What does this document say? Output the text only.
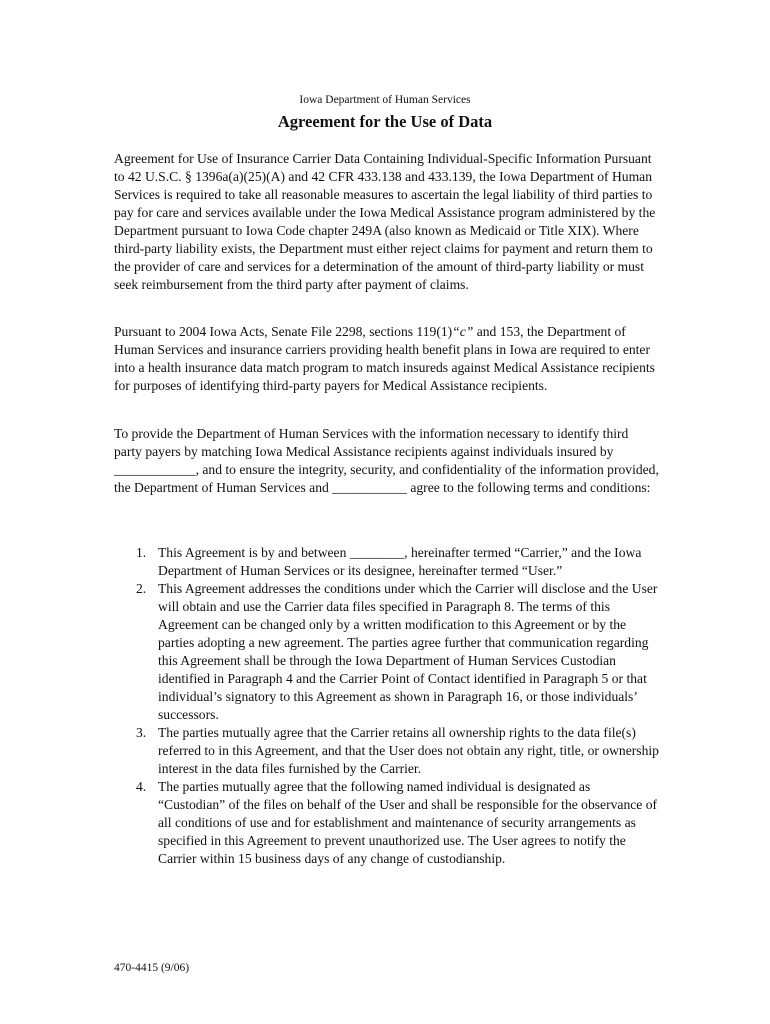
Iowa Department of Human Services
Agreement for the Use of Data

Agreement for Use of Insurance Carrier Data Containing Individual-Specific Information Pursuant to 42 U.S.C. § 1396a(a)(25)(A) and 42 CFR 433.138 and 433.139, the Iowa Department of Human Services is required to take all reasonable measures to ascertain the legal liability of third parties to pay for care and services available under the Iowa Medical Assistance program administered by the Department pursuant to Iowa Code chapter 249A (also known as Medicaid or Title XIX). Where third-party liability exists, the Department must either reject claims for payment and return them to the provider of care and services for a determination of the amount of third-party liability or must seek reimbursement from the third party after payment of claims.

Pursuant to 2004 Iowa Acts, Senate File 2298, sections 119(1)“c” and 153, the Department of Human Services and insurance carriers providing health benefit plans in Iowa are required to enter into a health insurance data match program to match insureds against Medical Assistance recipients for purposes of identifying third-party payers for Medical Assistance recipients.

To provide the Department of Human Services with the information necessary to identify third party payers by matching Iowa Medical Assistance recipients against individuals insured by ____________, and to ensure the integrity, security, and confidentiality of the information provided, the Department of Human Services and ___________ agree to the following terms and conditions:

1. This Agreement is by and between ________, hereinafter termed “Carrier,” and the Iowa Department of Human Services or its designee, hereinafter termed “User.”
2. This Agreement addresses the conditions under which the Carrier will disclose and the User will obtain and use the Carrier data files specified in Paragraph 8. The terms of this Agreement can be changed only by a written modification to this Agreement or by the parties adopting a new agreement. The parties agree further that communication regarding this Agreement shall be through the Iowa Department of Human Services Custodian identified in Paragraph 4 and the Carrier Point of Contact identified in Paragraph 5 or that individual’s signatory to this Agreement as shown in Paragraph 16, or those individuals’ successors.
3. The parties mutually agree that the Carrier retains all ownership rights to the data file(s) referred to in this Agreement, and that the User does not obtain any right, title, or ownership interest in the data files furnished by the Carrier.
4. The parties mutually agree that the following named individual is designated as “Custodian” of the files on behalf of the User and shall be responsible for the observance of all conditions of use and for establishment and maintenance of security arrangements as specified in this Agreement to prevent unauthorized use. The User agrees to notify the Carrier within 15 business days of any change of custodianship.
470-4415 (9/06)
